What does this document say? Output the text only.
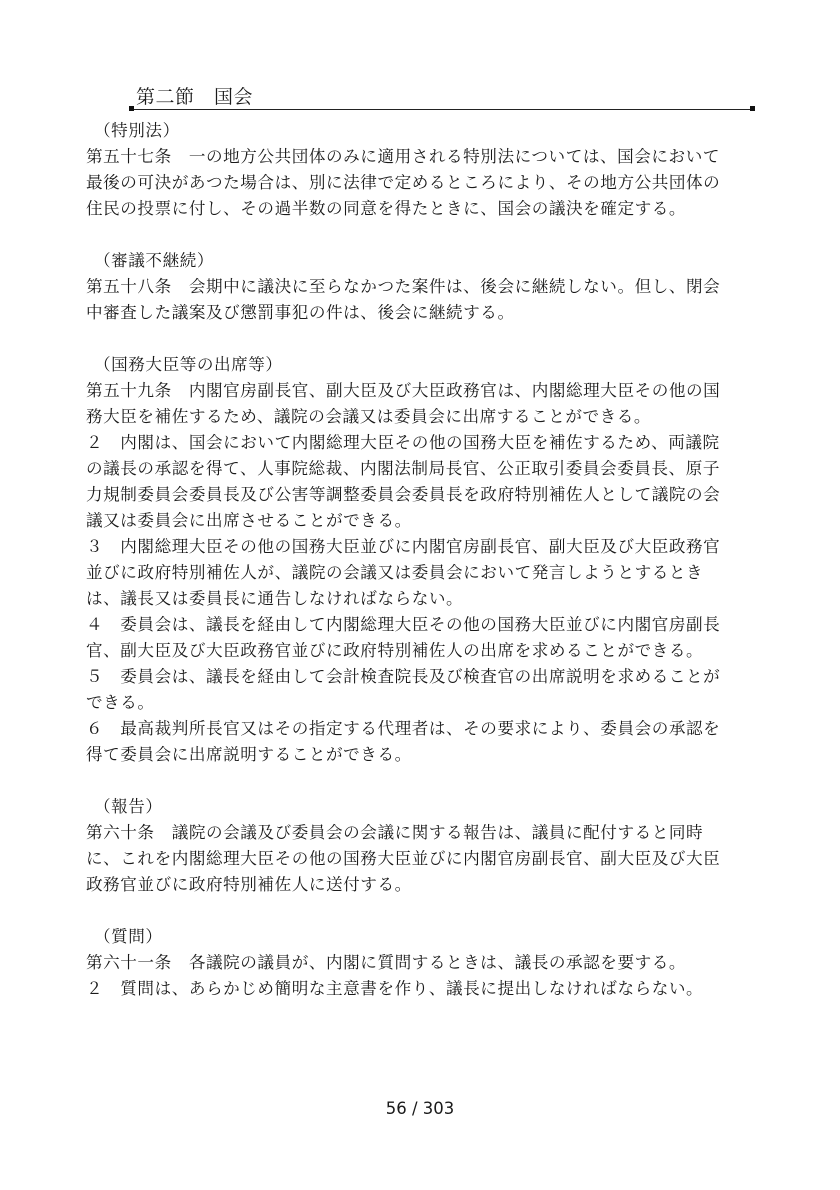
第二節　国会

（特別法）

第五十七条　一の地方公共団体のみに適用される特別法については、国会において

最後の可決があつた場合は、別に法律で定めるところにより、その地方公共団体の

住民の投票に付し、その過半数の同意を得たときに、国会の議決を確定する。

（審議不継続）

第五十八条　会期中に議決に至らなかつた案件は、後会に継続しない。但し、閉会

中審査した議案及び懲罰事犯の件は、後会に継続する。

（国務大臣等の出席等）

第五十九条　内閣官房副長官、副大臣及び大臣政務官は、内閣総理大臣その他の国

務大臣を補佐するため、議院の会議又は委員会に出席することができる。

２　内閣は、国会において内閣総理大臣その他の国務大臣を補佐するため、両議院

の議長の承認を得て、人事院総裁、内閣法制局長官、公正取引委員会委員長、原子

力規制委員会委員長及び公害等調整委員会委員長を政府特別補佐人として議院の会

議又は委員会に出席させることができる。

３　内閣総理大臣その他の国務大臣並びに内閣官房副長官、副大臣及び大臣政務官

並びに政府特別補佐人が、議院の会議又は委員会において発言しようとするとき

は、議長又は委員長に通告しなければならない。

４　委員会は、議長を経由して内閣総理大臣その他の国務大臣並びに内閣官房副長

官、副大臣及び大臣政務官並びに政府特別補佐人の出席を求めることができる。

５　委員会は、議長を経由して会計検査院長及び検査官の出席説明を求めることが

できる。

６　最高裁判所長官又はその指定する代理者は、その要求により、委員会の承認を

得て委員会に出席説明することができる。

（報告）

第六十条　議院の会議及び委員会の会議に関する報告は、議員に配付すると同時

に、これを内閣総理大臣その他の国務大臣並びに内閣官房副長官、副大臣及び大臣

政務官並びに政府特別補佐人に送付する。

（質問）

第六十一条　各議院の議員が、内閣に質問するときは、議長の承認を要する。

２　質問は、あらかじめ簡明な主意書を作り、議長に提出しなければならない。

56 / 303
